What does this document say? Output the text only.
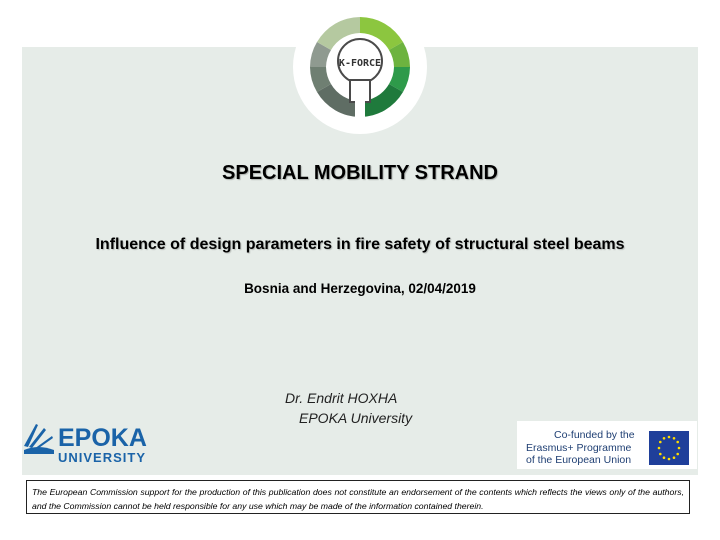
K-FORCE
SPECIAL MOBILITY STRAND
Influence of design parameters in fire safety of structural steel beams
Bosnia and Herzegovina, 02/04/2019
Dr. Endrit HOXHA
EPOKA University
EPOKA
UNIVERSITY
Co-funded by the
Erasmus+ Programme
of the European Union
The European Commission support for the production of this publication does not constitute an endorsement of the contents which reflects the views only of the authors, and the Commission cannot be held responsible for any use which may be made of the information contained therein.
